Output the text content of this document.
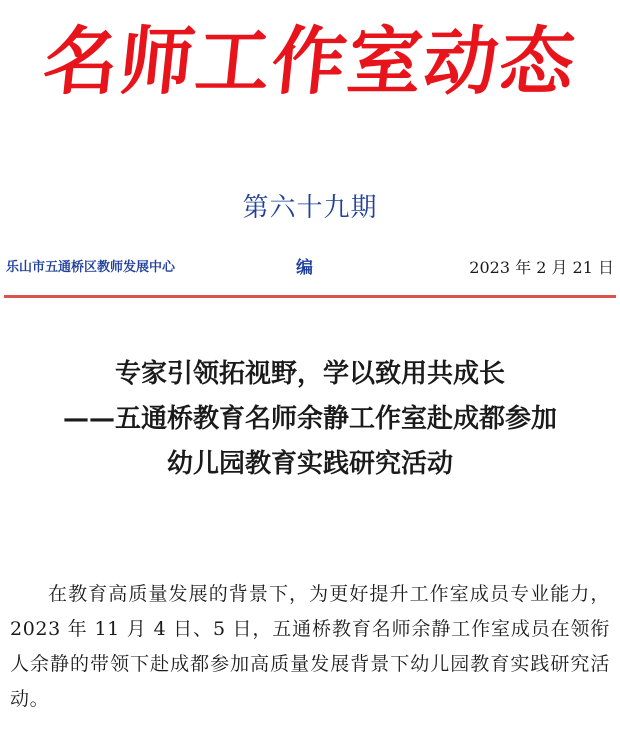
名师工作室动态
第六十九期
乐山市五通桥区教师发展中心	编	2023 年 2 月 21 日
专家引领拓视野，学以致用共成长
——五通桥教育名师余静工作室赴成都参加
幼儿园教育实践研究活动

在教育高质量发展的背景下，为更好提升工作室成员专业能力，2023 年 11 月 4 日、5 日，五通桥教育名师余静工作室成员在领衔人余静的带领下赴成都参加高质量发展背景下幼儿园教育实践研究活动。
